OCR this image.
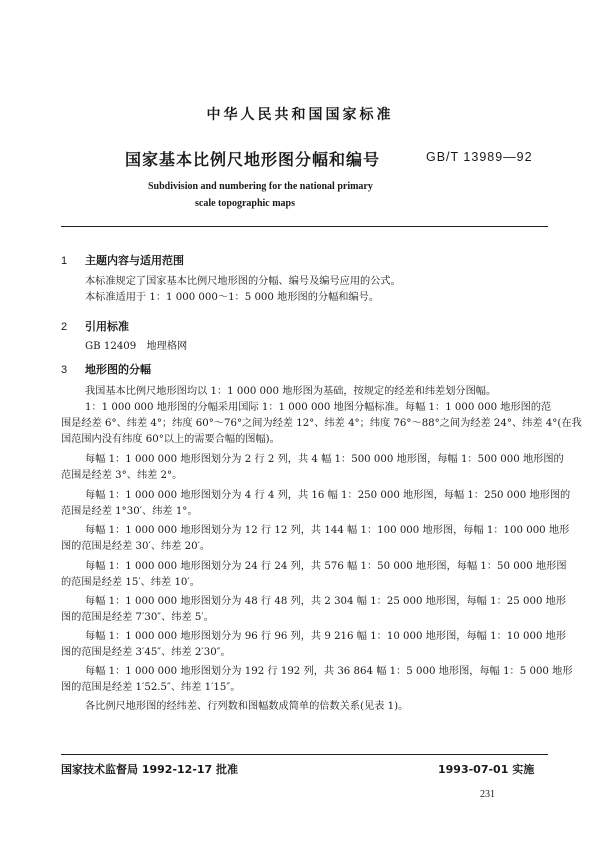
中华人民共和国国家标准
国家基本比例尺地形图分幅和编号	GB/T 13989—92
Subdivision and numbering for the national primary
scale topographic maps
1 主题内容与适用范围
本标准规定了国家基本比例尺地形图的分幅、编号及编号应用的公式。
本标准适用于 1：1 000 000～1：5 000 地形图的分幅和编号。
2 引用标准
GB 12409　地理格网
3 地形图的分幅
我国基本比例尺地形图均以 1：1 000 000 地形图为基础，按规定的经差和纬差划分图幅。
1：1 000 000 地形图的分幅采用国际 1：1 000 000 地图分幅标准。每幅 1：1 000 000 地形图的范
围是经差 6°、纬差 4°；纬度 60°～76°之间为经差 12°、纬差 4°；纬度 76°～88°之间为经差 24°、纬差 4°(在我
国范围内没有纬度 60°以上的需要合幅的图幅)。
每幅 1：1 000 000 地形图划分为 2 行 2 列，共 4 幅 1：500 000 地形图，每幅 1：500 000 地形图的
范围是经差 3°、纬差 2°。
每幅 1：1 000 000 地形图划分为 4 行 4 列，共 16 幅 1：250 000 地形图，每幅 1：250 000 地形图的
范围是经差 1°30′、纬差 1°。
每幅 1：1 000 000 地形图划分为 12 行 12 列，共 144 幅 1：100 000 地形图，每幅 1：100 000 地形
图的范围是经差 30′、纬差 20′。
每幅 1：1 000 000 地形图划分为 24 行 24 列，共 576 幅 1：50 000 地形图，每幅 1：50 000 地形图
的范围是经差 15′、纬差 10′。
每幅 1：1 000 000 地形图划分为 48 行 48 列，共 2 304 幅 1：25 000 地形图，每幅 1：25 000 地形
图的范围是经差 7′30″、纬差 5′。
每幅 1：1 000 000 地形图划分为 96 行 96 列，共 9 216 幅 1：10 000 地形图，每幅 1：10 000 地形
图的范围是经差 3′45″、纬差 2′30″。
每幅 1：1 000 000 地形图划分为 192 行 192 列，共 36 864 幅 1：5 000 地形图，每幅 1：5 000 地形
图的范围是经差 1′52.5″、纬差 1′15″。
各比例尺地形图的经纬差、行列数和图幅数成简单的倍数关系(见表 1)。
国家技术监督局 1992-12-17 批准	1993-07-01 实施
231
